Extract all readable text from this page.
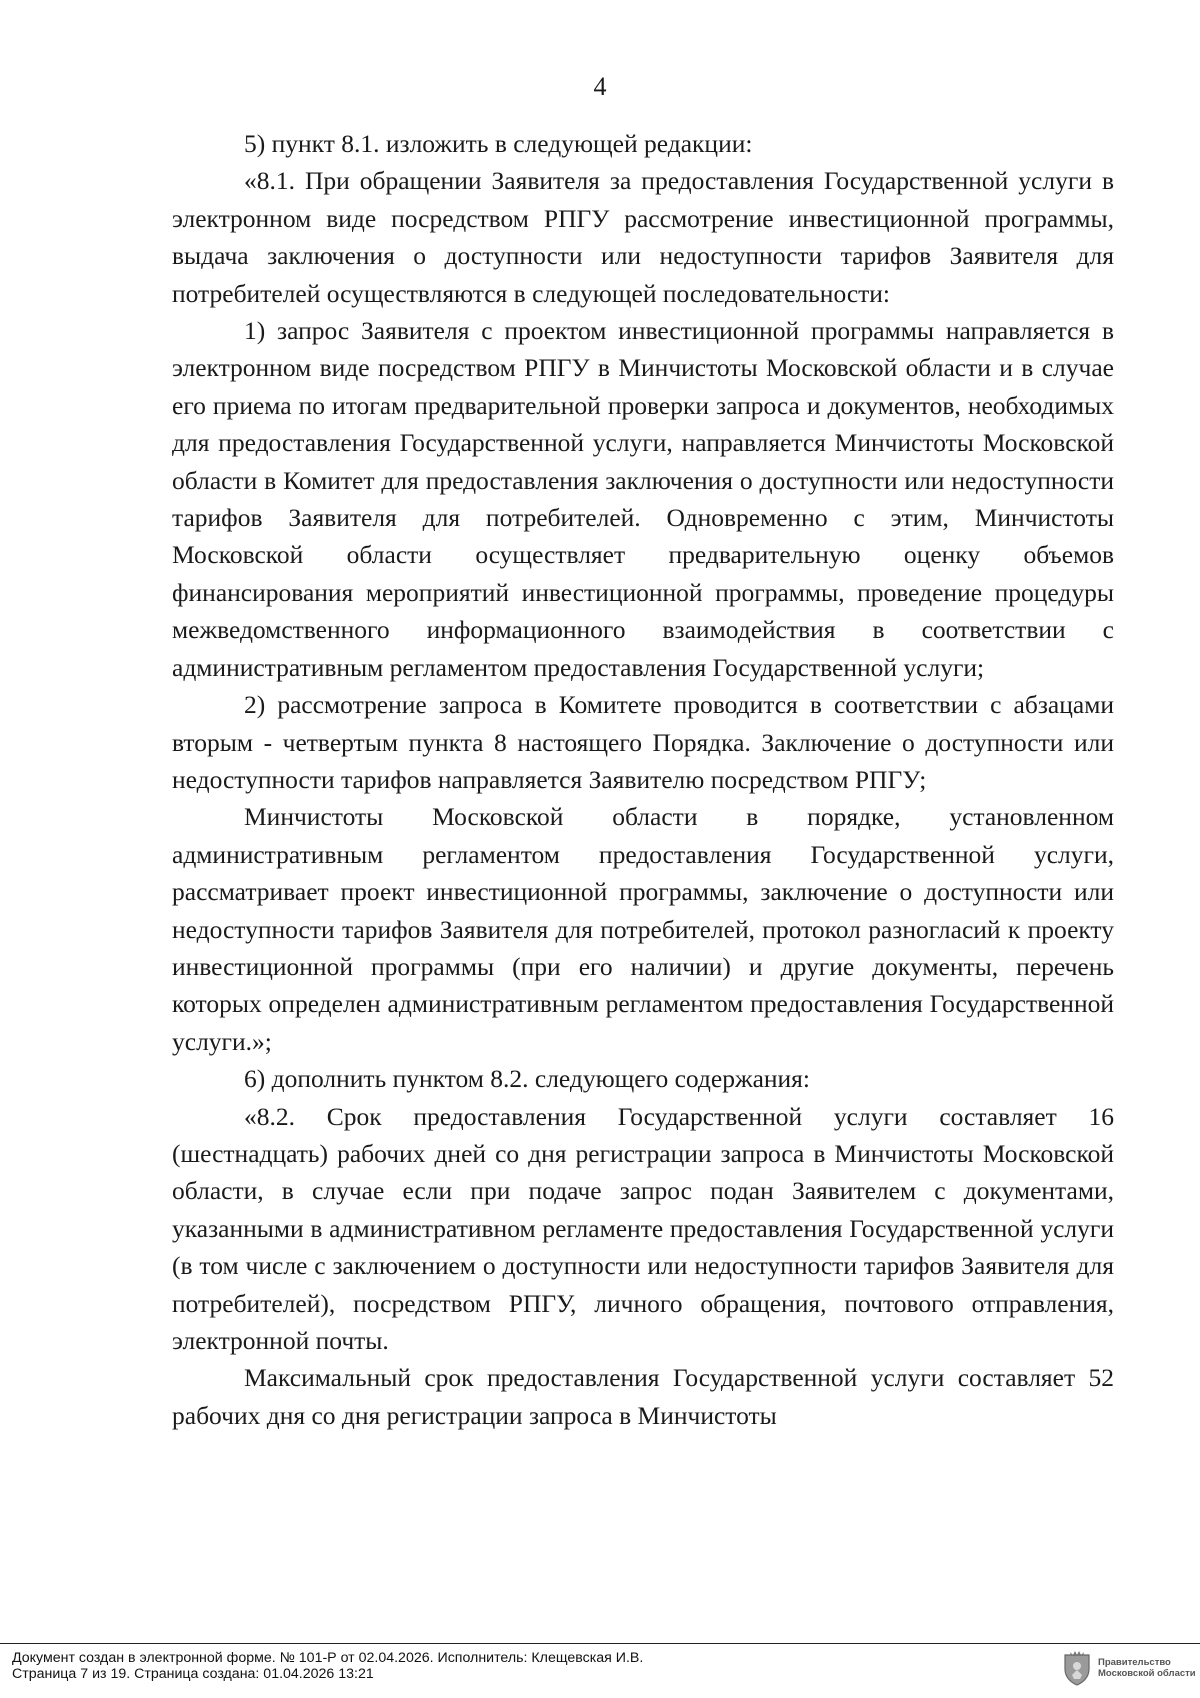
4

5) пункт 8.1. изложить в следующей редакции:

«8.1. При обращении Заявителя за предоставления Государственной услуги в электронном виде посредством РПГУ рассмотрение инвестиционной программы, выдача заключения о доступности или недоступности тарифов Заявителя для потребителей осуществляются в следующей последовательности:

1) запрос Заявителя с проектом инвестиционной программы направляется в электронном виде посредством РПГУ в Минчистоты Московской области и в случае его приема по итогам предварительной проверки запроса и документов, необходимых для предоставления Государственной услуги, направляется Минчистоты Московской области в Комитет для предоставления заключения о доступности или недоступности тарифов Заявителя для потребителей. Одновременно с этим, Минчистоты Московской области осуществляет предварительную оценку объемов финансирования мероприятий инвестиционной программы, проведение процедуры межведомственного информационного взаимодействия в соответствии с административным регламентом предоставления Государственной услуги;

2) рассмотрение запроса в Комитете проводится в соответствии с абзацами вторым - четвертым пункта 8 настоящего Порядка. Заключение о доступности или недоступности тарифов направляется Заявителю посредством РПГУ;

Минчистоты Московской области в порядке, установленном административным регламентом предоставления Государственной услуги, рассматривает проект инвестиционной программы, заключение о доступности или недоступности тарифов Заявителя для потребителей, протокол разногласий к проекту инвестиционной программы (при его наличии) и другие документы, перечень которых определен административным регламентом предоставления Государственной услуги.»;

6) дополнить пунктом 8.2. следующего содержания:

«8.2. Срок предоставления Государственной услуги составляет 16 (шестнадцать) рабочих дней со дня регистрации запроса в Минчистоты Московской области, в случае если при подаче запрос подан Заявителем с документами, указанными в административном регламенте предоставления Государственной услуги (в том числе с заключением о доступности или недоступности тарифов Заявителя для потребителей), посредством РПГУ, личного обращения, почтового отправления, электронной почты.

Максимальный срок предоставления Государственной услуги составляет 52 рабочих дня со дня регистрации запроса в Минчистоты

Документ создан в электронной форме. № 101-Р от 02.04.2026. Исполнитель: Клещевская И.В.
Страница 7 из 19. Страница создана: 01.04.2026 13:21
Правительство
Московской области
